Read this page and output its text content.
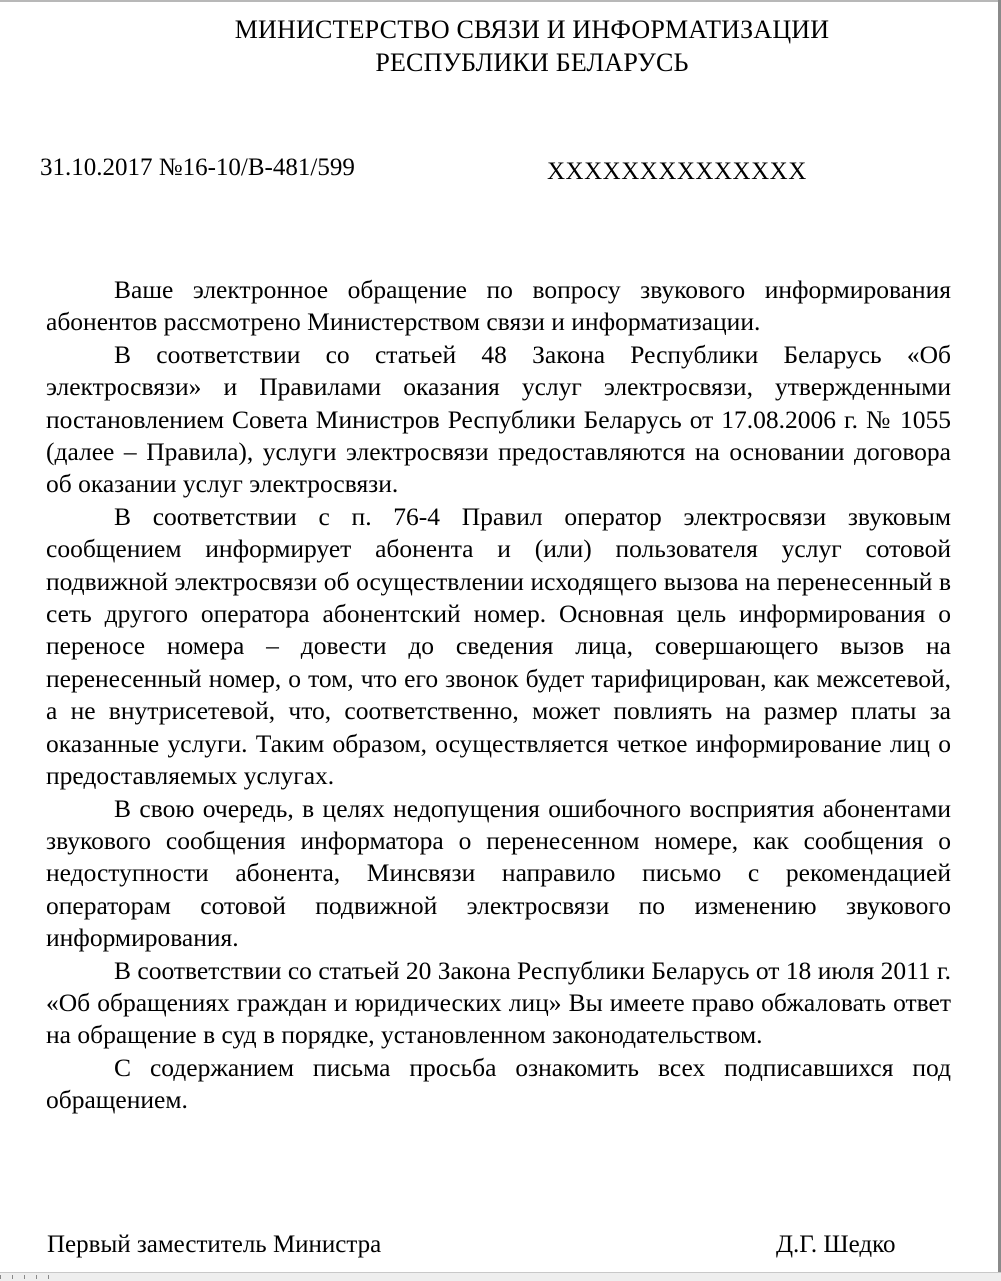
МИНИСТЕРСТВО СВЯЗИ И ИНФОРМАТИЗАЦИИ
РЕСПУБЛИКИ БЕЛАРУСЬ
31.10.2017 №16-10/В-481/599	ХХХХХХХХХХХХХХ

Ваше электронное обращение по вопросу звукового информирования абонентов рассмотрено Министерством связи и информатизации.

В соответствии со статьей 48 Закона Республики Беларусь «Об электросвязи» и Правилами оказания услуг электросвязи, утвержденными постановлением Совета Министров Республики Беларусь от 17.08.2006 г. № 1055 (далее – Правила), услуги электросвязи предоставляются на основании договора об оказании услуг электросвязи.

В соответствии с п. 76-4 Правил оператор электросвязи звуковым сообщением информирует абонента и (или) пользователя услуг сотовой подвижной электросвязи об осуществлении исходящего вызова на перенесенный в сеть другого оператора абонентский номер. Основная цель информирования о переносе номера – довести до сведения лица, совершающего вызов на перенесенный номер, о том, что его звонок будет тарифицирован, как межсетевой, а не внутрисетевой, что, соответственно, может повлиять на размер платы за оказанные услуги. Таким образом, осуществляется четкое информирование лиц о предоставляемых услугах.

В свою очередь, в целях недопущения ошибочного восприятия абонентами звукового сообщения информатора о перенесенном номере, как сообщения о недоступности абонента, Минсвязи направило письмо с рекомендацией операторам сотовой подвижной электросвязи по изменению звукового информирования.

В соответствии со статьей 20 Закона Республики Беларусь от 18 июля 2011 г. «Об обращениях граждан и юридических лиц» Вы имеете право обжаловать ответ на обращение в суд в порядке, установленном законодательством.

С содержанием письма просьба ознакомить всех подписавшихся под обращением.

Первый заместитель Министра	Д.Г. Шедко
